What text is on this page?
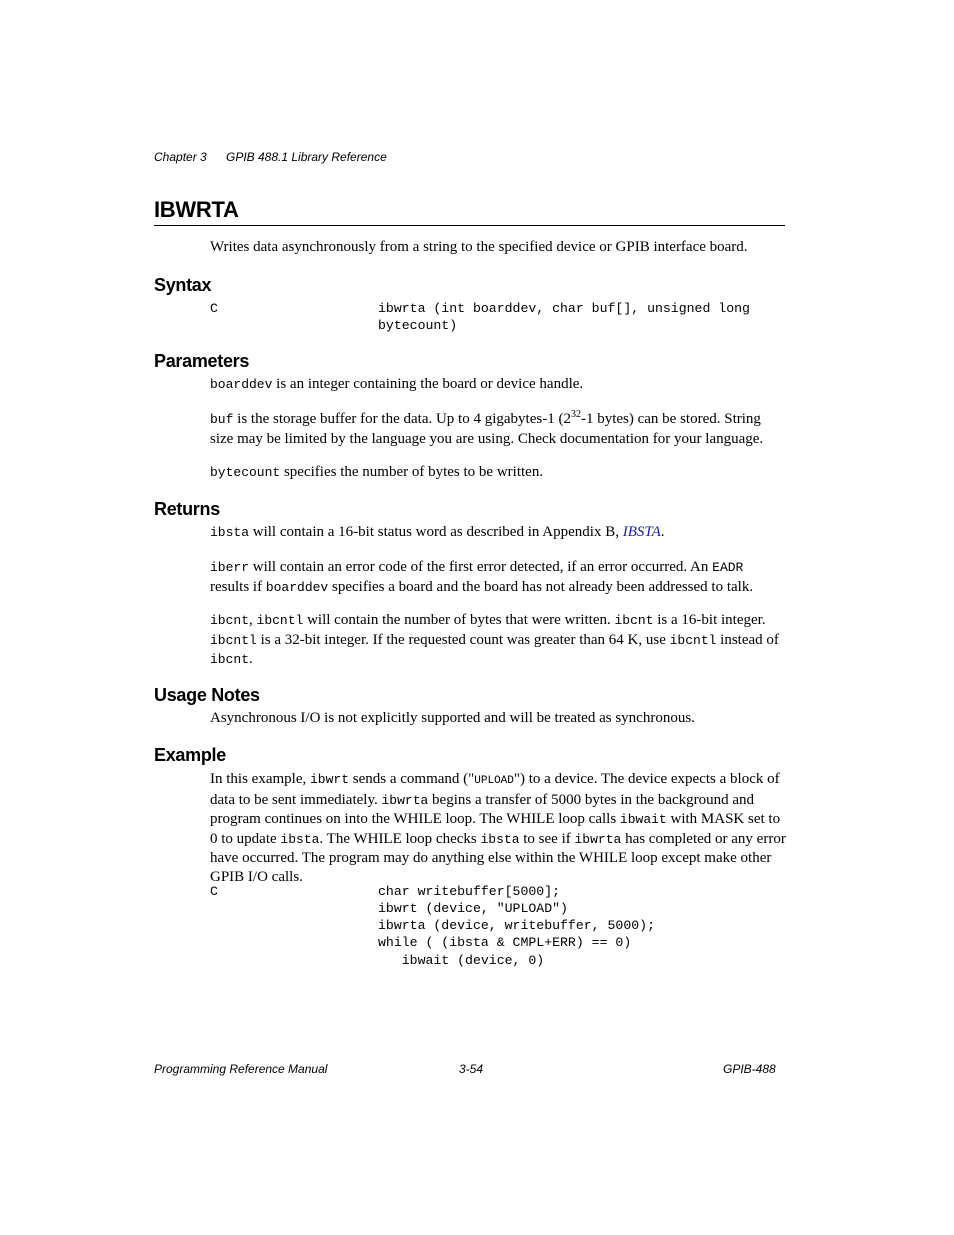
Chapter 3 GPIB 488.1 Library Reference
IBWRTA
Writes data asynchronously from a string to the specified device or GPIB interface board.
Syntax
C	ibwrta (int boarddev, char buf[], unsigned long
bytecount)
Parameters
boarddev is an integer containing the board or device handle.
buf is the storage buffer for the data. Up to 4 gigabytes-1 ($2^{32}-1$ bytes) can be stored. String size may be limited by the language you are using. Check documentation for your language.
bytecount specifies the number of bytes to be written.
Returns
ibsta will contain a 16-bit status word as described in Appendix B, IBSTA.
iberr will contain an error code of the first error detected, if an error occurred. An EADR results if boarddev specifies a board and the board has not already been addressed to talk.
ibcnt, ibcntl will contain the number of bytes that were written. ibcnt is a 16-bit integer. ibcntl is a 32-bit integer. If the requested count was greater than 64 K, use ibcntl instead of ibcnt.
Usage Notes
Asynchronous I/O is not explicitly supported and will be treated as synchronous.
Example
In this example, ibwrt sends a command ("UPLOAD") to a device. The device expects a block of data to be sent immediately. ibwrta begins a transfer of 5000 bytes in the background and program continues on into the WHILE loop. The WHILE loop calls ibwait with MASK set to 0 to update ibsta. The WHILE loop checks ibsta to see if ibwrta has completed or any error have occurred. The program may do anything else within the WHILE loop except make other GPIB I/O calls.
C	char writebuffer[5000];
ibwrt (device, "UPLOAD")
ibwrta (device, writebuffer, 5000);
while ( (ibsta & CMPL+ERR) == 0)
ibwait (device, 0)
Programming Reference Manual	3-54	GPIB-488
